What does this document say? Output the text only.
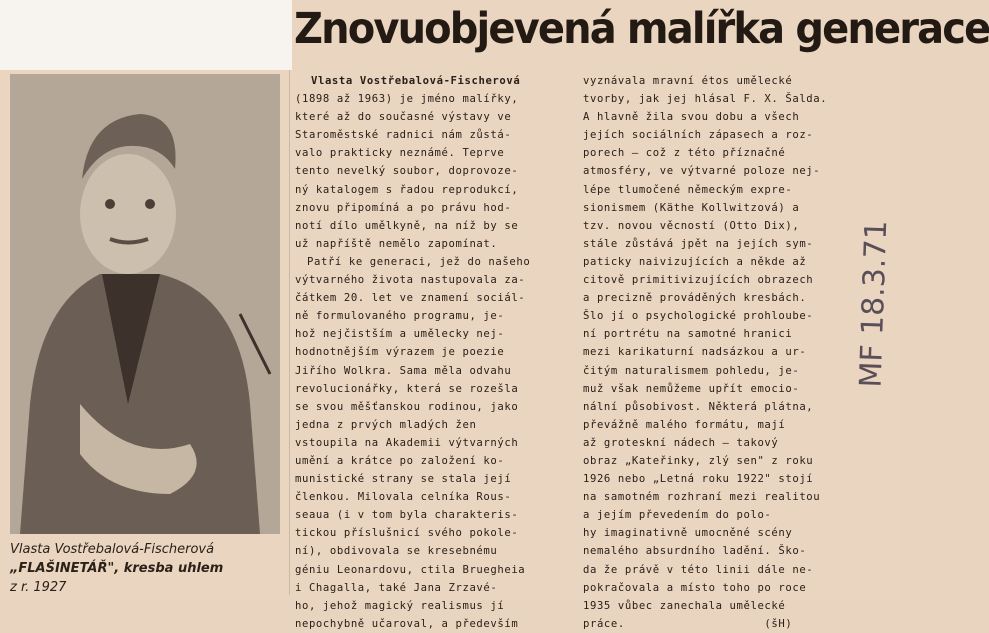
Znovuobjevená malířka generace
Vlasta Vostřebalová-Fischerová
„FLAŠINETÁŘ", kresba uhlem
z r. 1927
Vlasta Vostřebalová-Fischerová
(1898 až 1963) je jméno malířky,
které až do současné výstavy ve
Staroměstské radnici nám zůstá-
valo prakticky neznámé. Teprve
tento nevelký soubor, doprovoze-
ný katalogem s řadou reprodukcí,
znovu připomíná a po právu hod-
notí dílo umělkyně, na níž by se
už napříště nemělo zapomínat.
Patří ke generaci, jež do našeho
výtvarného života nastupovala za-
čátkem 20. let ve znamení sociál-
ně formulovaného programu, je-
hož nejčistším a umělecky nej-
hodnotnějším výrazem je poezie
Jiřího Wolkra. Sama měla odvahu
revolucionářky, která se rozešla
se svou měšťanskou rodinou, jako
jedna z prvých mladých žen
vstoupila na Akademii výtvarných
umění a krátce po založení ko-
munistické strany se stala její
členkou. Milovala celníka Rous-
seaua (i v tom byla charakteris-
tickou příslušnicí svého pokole-
ní), obdivovala se kresebnému
géniu Leonardovu, ctila Bruegheia
i Chagalla, také Jana Zrzavé-
ho, jehož magický realismus jí
nepochybně učaroval, a především
vyznávala mravní étos umělecké
tvorby, jak jej hlásal F. X. Šalda.
A hlavně žila svou dobu a všech
jejích sociálních zápasech a roz-
porech — což z této příznačné
atmosféry, ve výtvarné poloze nej-
lépe tlumočené německým expre-
sionismem (Käthe Kollwitzová) a
tzv. novou věcností (Otto Dix),
stále zůstává jpět na jejích sym-
paticky naivizujících a někde až
citově primitivizujících obrazech
a precizně prováděných kresbách.
Šlo jí o psychologické prohloube-
ní portrétu na samotné hranici
mezi karikaturní nadsázkou a ur-
čitým naturalismem pohledu, je-
muž však nemůžeme upřít emocio-
nální působivost. Některá plátna,
převážně malého formátu, mají
až groteskní nádech — takový
obraz „Kateřinky, zlý sen" z roku
1926 nebo „Letná roku 1922" stojí
na samotném rozhraní mezi realitou
a jejím převedením do polo-
hy imaginativně umocněné scény
nemalého absurdního ladění. Ško-
da že právě v této linii dále ne-
pokračovala a místo toho po roce
1935 vůbec zanechala umělecké
práce.                    (šH)
